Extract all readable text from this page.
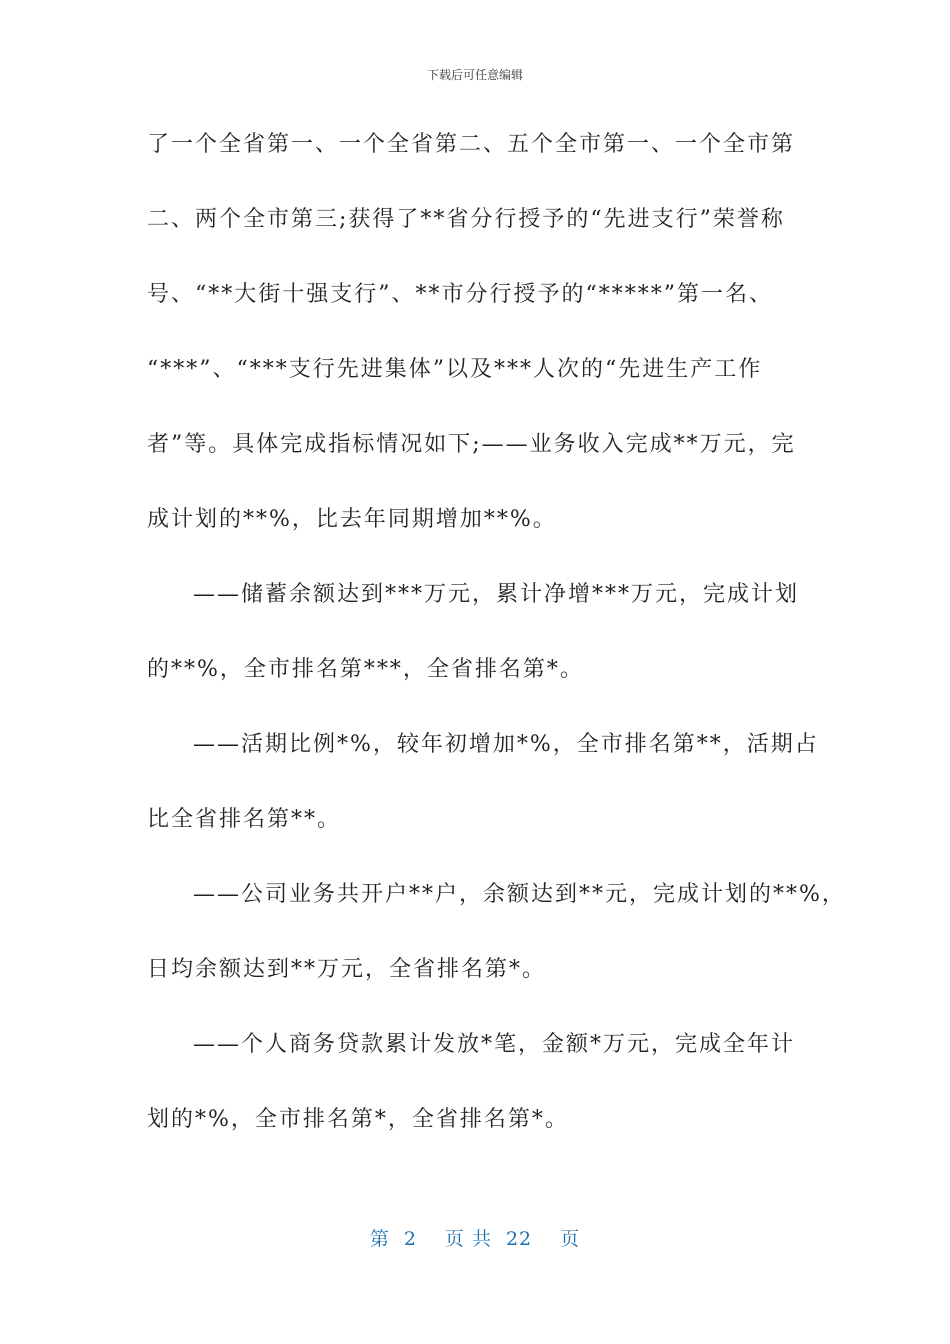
下载后可任意编辑
了一个全省第一、一个全省第二、五个全市第一、一个全市第
二、两个全市第三;获得了**省分行授予的“先进支行”荣誉称
号、“**大街十强支行”、**市分行授予的“*****”第一名、
“***”、“***支行先进集体”以及***人次的“先进生产工作
者”等。具体完成指标情况如下;——业务收入完成**万元，完
成计划的**%，比去年同期增加**%。
——储蓄余额达到***万元，累计净增***万元，完成计划
的**%，全市排名第***，全省排名第*。
——活期比例*%，较年初增加*%，全市排名第**，活期占
比全省排名第**。
——公司业务共开户**户，余额达到**元，完成计划的**%，
日均余额达到**万元，全省排名第*。
——个人商务贷款累计发放*笔，金额*万元，完成全年计
划的*%，全市排名第*，全省排名第*。
第 2 页 共 22 页
